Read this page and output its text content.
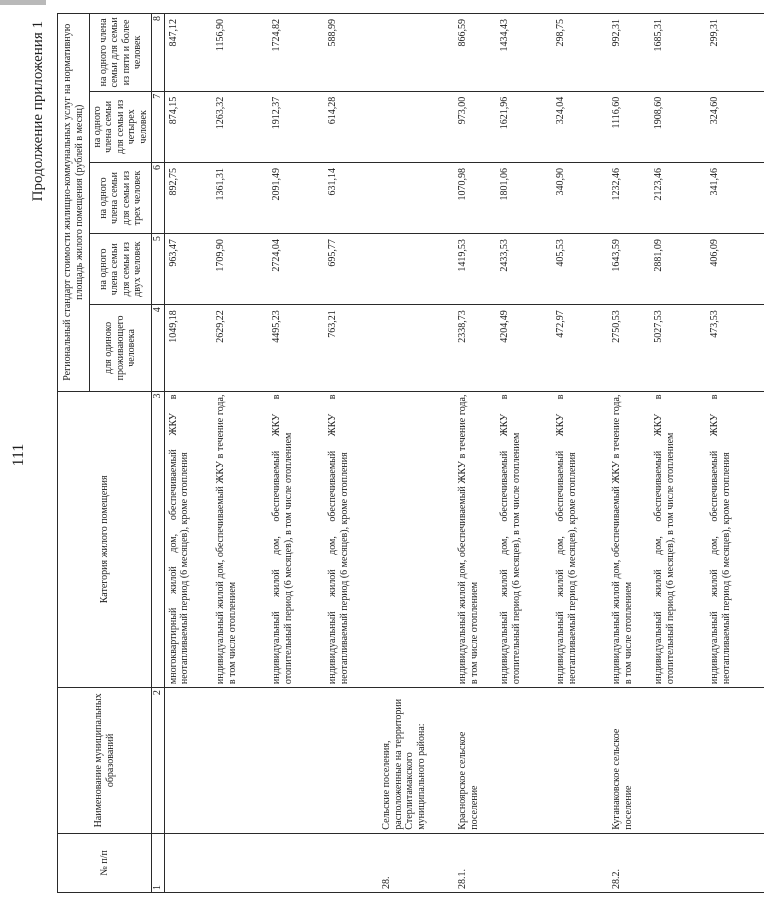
111
Продолжение приложения 1
№ п/п	Наименование муниципальных образований	Категория жилого помещения	Региональный стандарт стоимости жилищно-коммунальных услуг на нормативную площадь жилого помещения (рублей в месяц)				
			для одиноко проживающего человека	на одного члена семьи для семьи из двух человек	на одного члена семьи для семьи из трех человек	на одного члена семьи для семьи из четырех человек	на одного члена семьи для семьи из пяти и более человек
1	2	3	4	5	6	7	8
		многоквартирный жилой дом, обеспечиваемый ЖКУ в неотапливаемый период (6 месяцев), кроме отопления	1049,18	963,47	892,75	874,15	847,12
		индивидуальный жилой дом, обеспечиваемый ЖКУ в течение года, в том числе отоплением	2629,22	1709,90	1361,31	1263,32	1156,90
		индивидуальный жилой дом, обеспечиваемый ЖКУ в отопительный период (6 месяцев), в том числе отоплением	4495,23	2724,04	2091,49	1912,37	1724,82
		индивидуальный жилой дом, обеспечиваемый ЖКУ в неотапливаемый период (6 месяцев), кроме отопления	763,21	695,77	631,14	614,28	588,99
28.	Сельские поселения, расположенные на территории Стерлитамакского муниципального района:						
28.1.	Красноярское сельское поселение	индивидуальный жилой дом, обеспечиваемый ЖКУ в течение года, в том числе отоплением	2338,73	1419,53	1070,98	973,00	866,59
		индивидуальный жилой дом, обеспечиваемый ЖКУ в отопительный период (6 месяцев), в том числе отоплением	4204,49	2433,53	1801,06	1621,96	1434,43
		индивидуальный жилой дом, обеспечиваемый ЖКУ в неотапливаемый период (6 месяцев), кроме отопления	472,97	405,53	340,90	324,04	298,75
28.2.	Куганаковское сельское поселение	индивидуальный жилой дом, обеспечиваемый ЖКУ в течение года, в том числе отоплением	2750,53	1643,59	1232,46	1116,60	992,31
		индивидуальный жилой дом, обеспечиваемый ЖКУ в отопительный период (6 месяцев), в том числе отоплением	5027,53	2881,09	2123,46	1908,60	1685,31
		индивидуальный жилой дом, обеспечиваемый ЖКУ в неотапливаемый период (6 месяцев), кроме отопления	473,53	406,09	341,46	324,60	299,31
